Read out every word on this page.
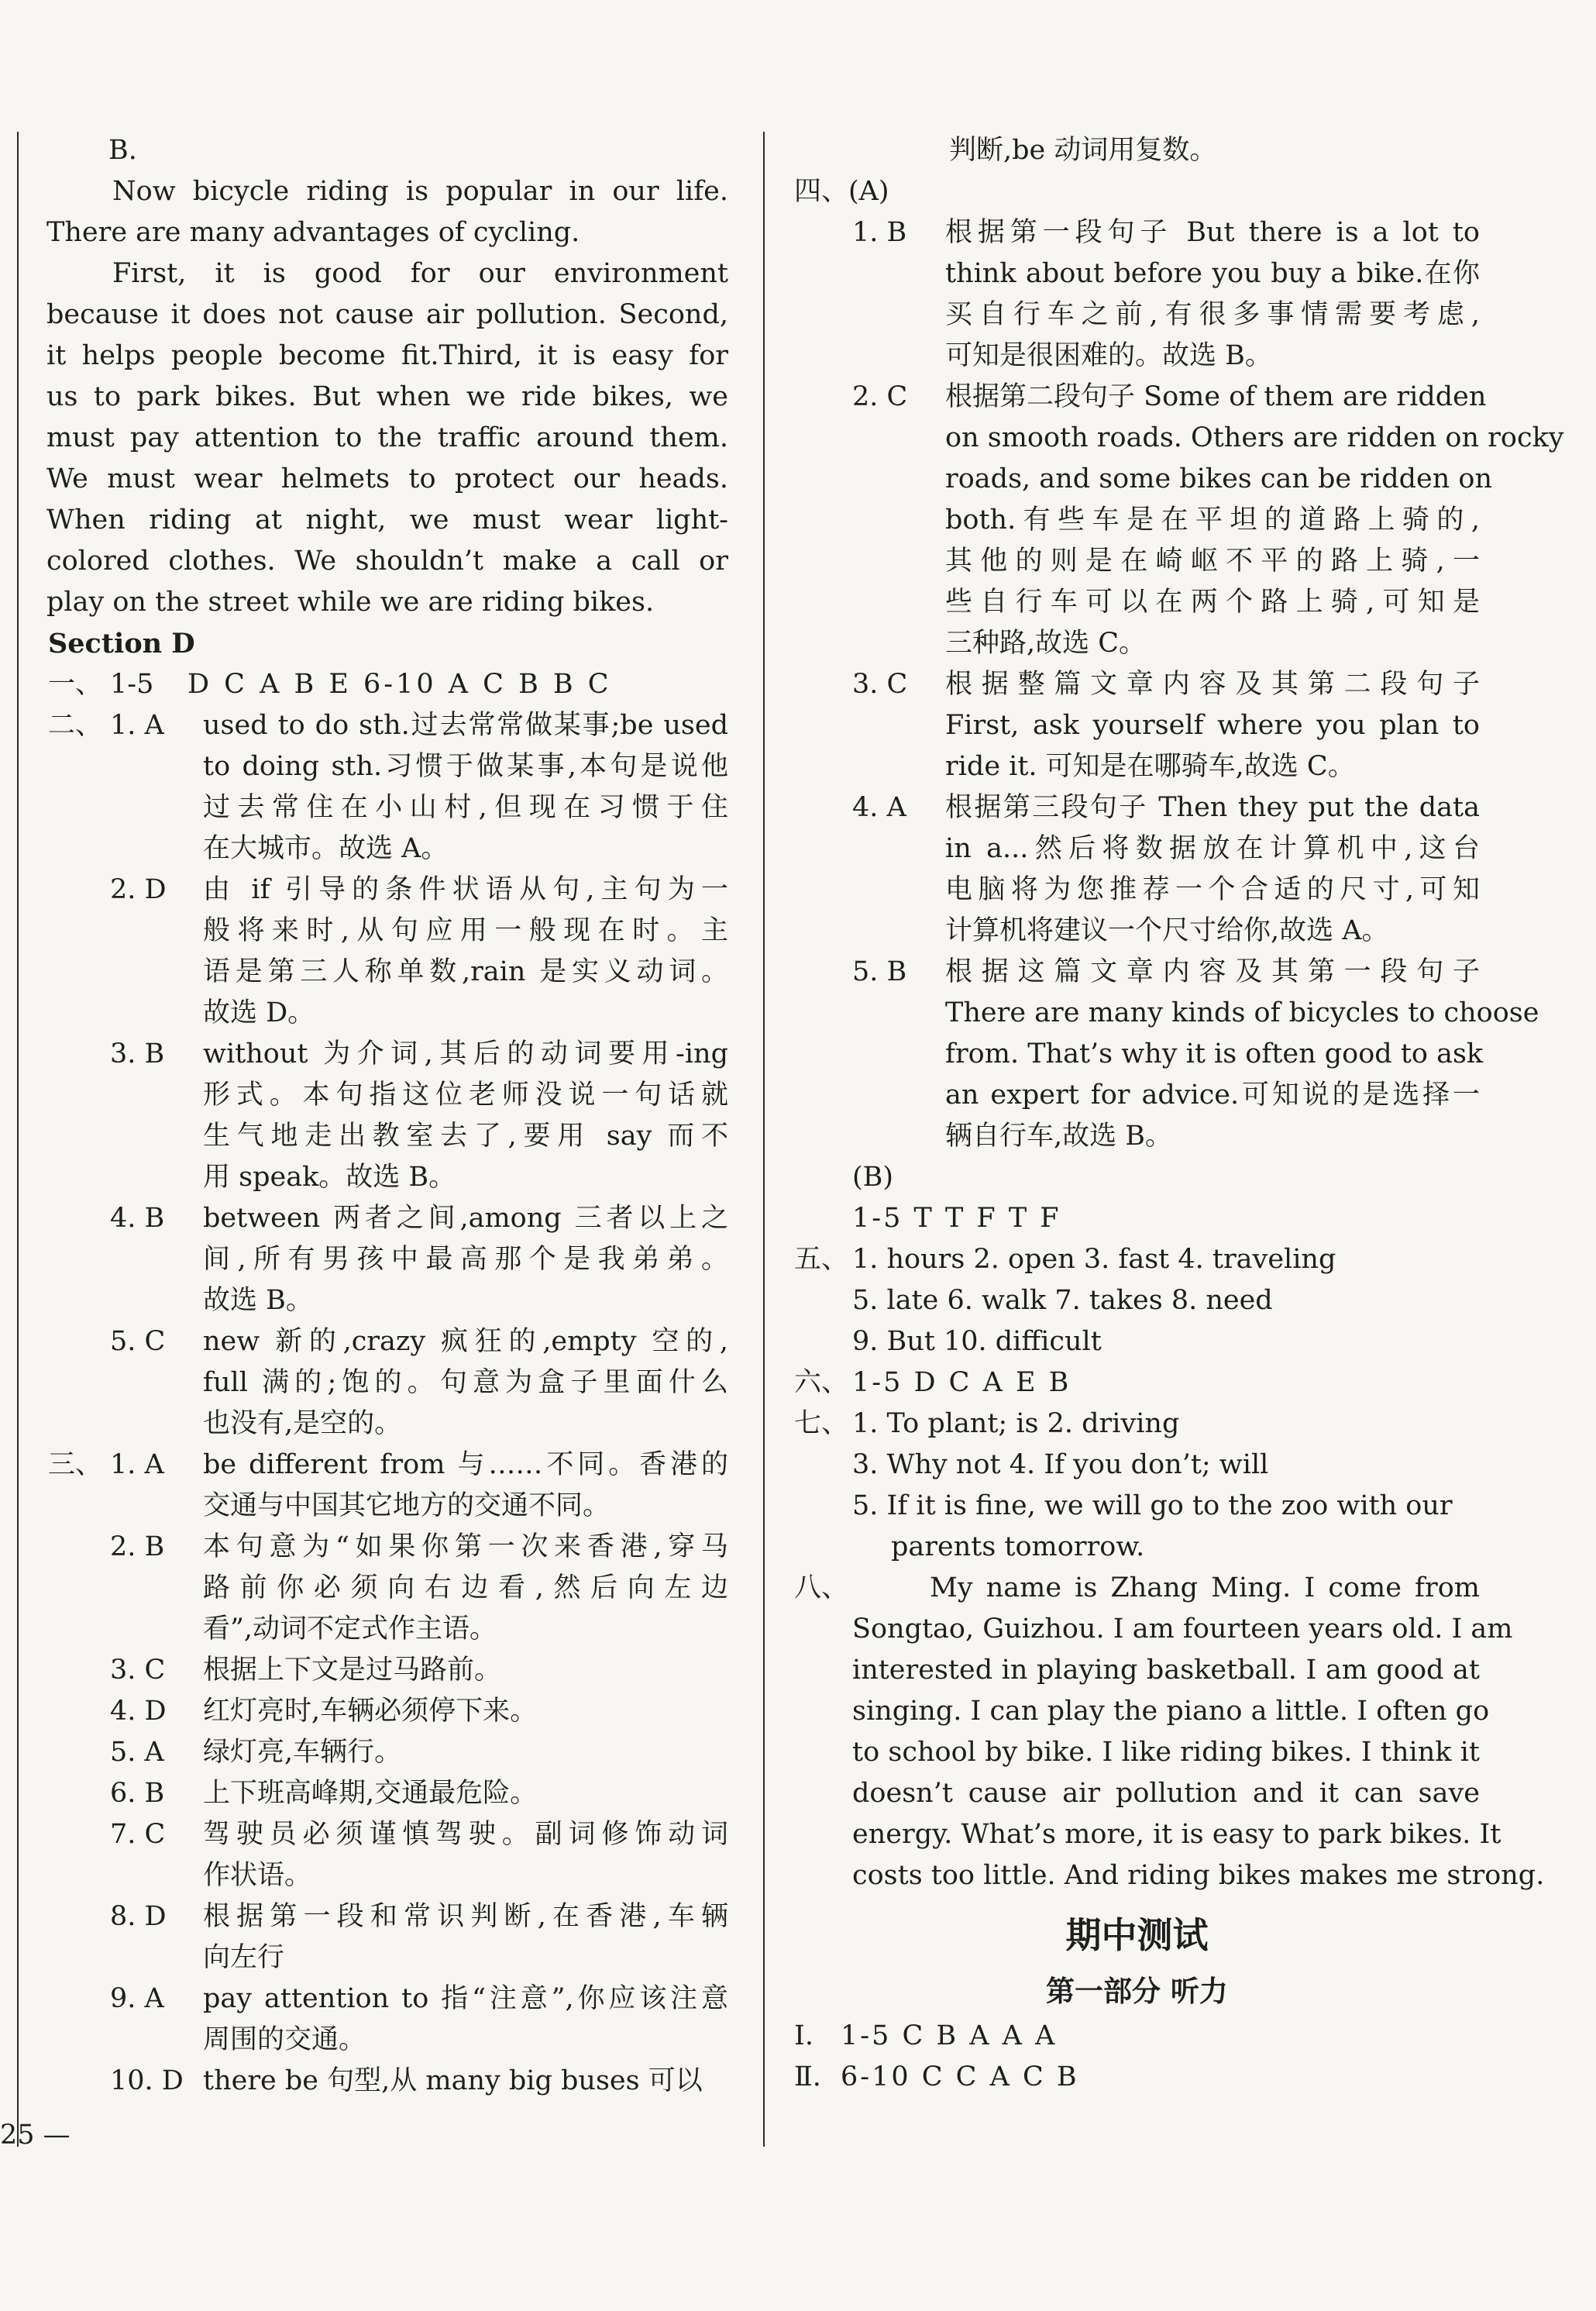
B.
Now bicycle riding is popular in our life.
There are many advantages of cycling.
First, it is good for our environment
because it does not cause air pollution. Second,
it helps people become fit.Third, it is easy for
us to park bikes. But when we ride bikes, we
must pay attention to the traffic around them.
We must wear helmets to protect our heads.
When riding at night, we must wear light-
colored clothes. We shouldn’t make a call or
play on the street while we are riding bikes.
Section D
一、 1-5	D C A B E 6-10 A C B B C
二、 1. A	used to do sth.过去常常做某事;be used
to doing sth.习惯于做某事,本句是说他
过去常住在小山村,但现在习惯于住
在大城市。故选 A。
2. D	由 if 引导的条件状语从句,主句为一
般将来时,从句应用一般现在时。主
语是第三人称单数,rain 是实义动词。
故选 D。
3. B	without 为介词,其后的动词要用-ing
形式。本句指这位老师没说一句话就
生气地走出教室去了,要用 say 而不
用 speak。故选 B。
4. B	between 两者之间,among 三者以上之
间,所有男孩中最高那个是我弟弟。
故选 B。
5. C	new 新的,crazy 疯狂的,empty 空的,
full 满的;饱的。句意为盒子里面什么
也没有,是空的。
三、 1. A	be different from 与……不同。香港的
交通与中国其它地方的交通不同。
2. B	本句意为“如果你第一次来香港,穿马
路前你必须向右边看,然后向左边
看”,动词不定式作主语。
3. C	根据上下文是过马路前。
4. D	红灯亮时,车辆必须停下来。
5. A	绿灯亮,车辆行。
6. B	上下班高峰期,交通最危险。
7. C	驾驶员必须谨慎驾驶。副词修饰动词
作状语。
8. D	根据第一段和常识判断,在香港,车辆
向左行
9. A	pay attention to 指“注意”,你应该注意
周围的交通。
10. D there be 句型,从 many big buses 可以
判断,be 动词用复数。
四、(A)
1. B	根据第一段句子 But there is a lot to
think about before you buy a bike.在你
买自行车之前,有很多事情需要考虑,
可知是很困难的。故选 B。
2. C	根据第二段句子 Some of them are ridden
on smooth roads. Others are ridden on rocky
roads, and some bikes can be ridden on
both.有些车是在平坦的道路上骑的,
其他的则是在崎岖不平的路上骑,一
些自行车可以在两个路上骑,可知是
三种路,故选 C。
3. C	根据整篇文章内容及其第二段句子
First, ask yourself where you plan to
ride it. 可知是在哪骑车,故选 C。
4. A	根据第三段句子 Then they put the data
in a...然后将数据放在计算机中,这台
电脑将为您推荐一个合适的尺寸,可知
计算机将建议一个尺寸给你,故选 A。
5. B	根据这篇文章内容及其第一段句子
There are many kinds of bicycles to choose
from. That’s why it is often good to ask
an expert for advice.可知说的是选择一
辆自行车,故选 B。
(B)
1-5 T T F T F
五、 1. hours 2. open 3. fast 4. traveling
5. late 6. walk 7. takes 8. need
9. But 10. difficult
六、 1-5 D C A E B
七、 1. To plant; is 2. driving
3. Why not 4. If you don’t; will
5. If it is fine, we will go to the zoo with our
parents tomorrow.
八、	My name is Zhang Ming. I come from
Songtao, Guizhou. I am fourteen years old. I am
interested in playing basketball. I am good at
singing. I can play the piano a little. I often go
to school by bike. I like riding bikes. I think it
doesn’t cause air pollution and it can save
energy. What’s more, it is easy to park bikes. It
costs too little. And riding bikes makes me strong.
期中测试
第一部分 听力
Ⅰ.	1-5 C B A A A
Ⅱ. 6-10 C C A C B
25 —
